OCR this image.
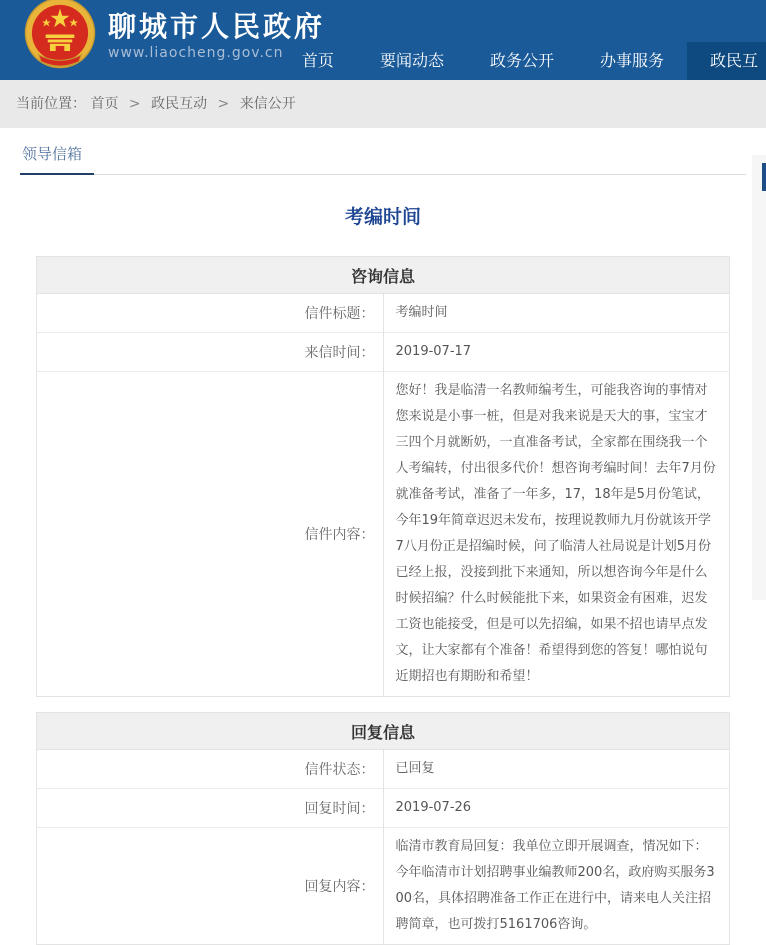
聊城市人民政府
www.liaocheng.gov.cn	首页	要闻动态	政务公开	办事服务	政民互
当前位置： 首页 > 政民互动 > 来信公开
领导信箱
考编时间
咨询信息	
信件标题：	考编时间
来信时间：	2019-07-17
信件内容：	您好！我是临清一名教师编考生，可能我咨询的事情对您来说是小事一桩，但是对我来说是天大的事，宝宝才三四个月就断奶，一直准备考试，全家都在围绕我一个人考编转，付出很多代价！想咨询考编时间！去年7月份就准备考试，准备了一年多，17，18年是5月份笔试，今年19年简章迟迟未发布，按理说教师九月份就该开学7八月份正是招编时候，问了临清人社局说是计划5月份已经上报，没接到批下来通知，所以想咨询今年是什么时候招编？什么时候能批下来，如果资金有困难，迟发工资也能接受，但是可以先招编，如果不招也请早点发文，让大家都有个准备！希望得到您的答复！哪怕说句近期招也有期盼和希望！
回复信息	
信件状态：	已回复
回复时间：	2019-07-26
回复内容：	临清市教育局回复：我单位立即开展调查，情况如下：今年临清市计划招聘事业编教师200名，政府购买服务300名，具体招聘准备工作正在进行中，请来电人关注招聘简章，也可拨打5161706咨询。
